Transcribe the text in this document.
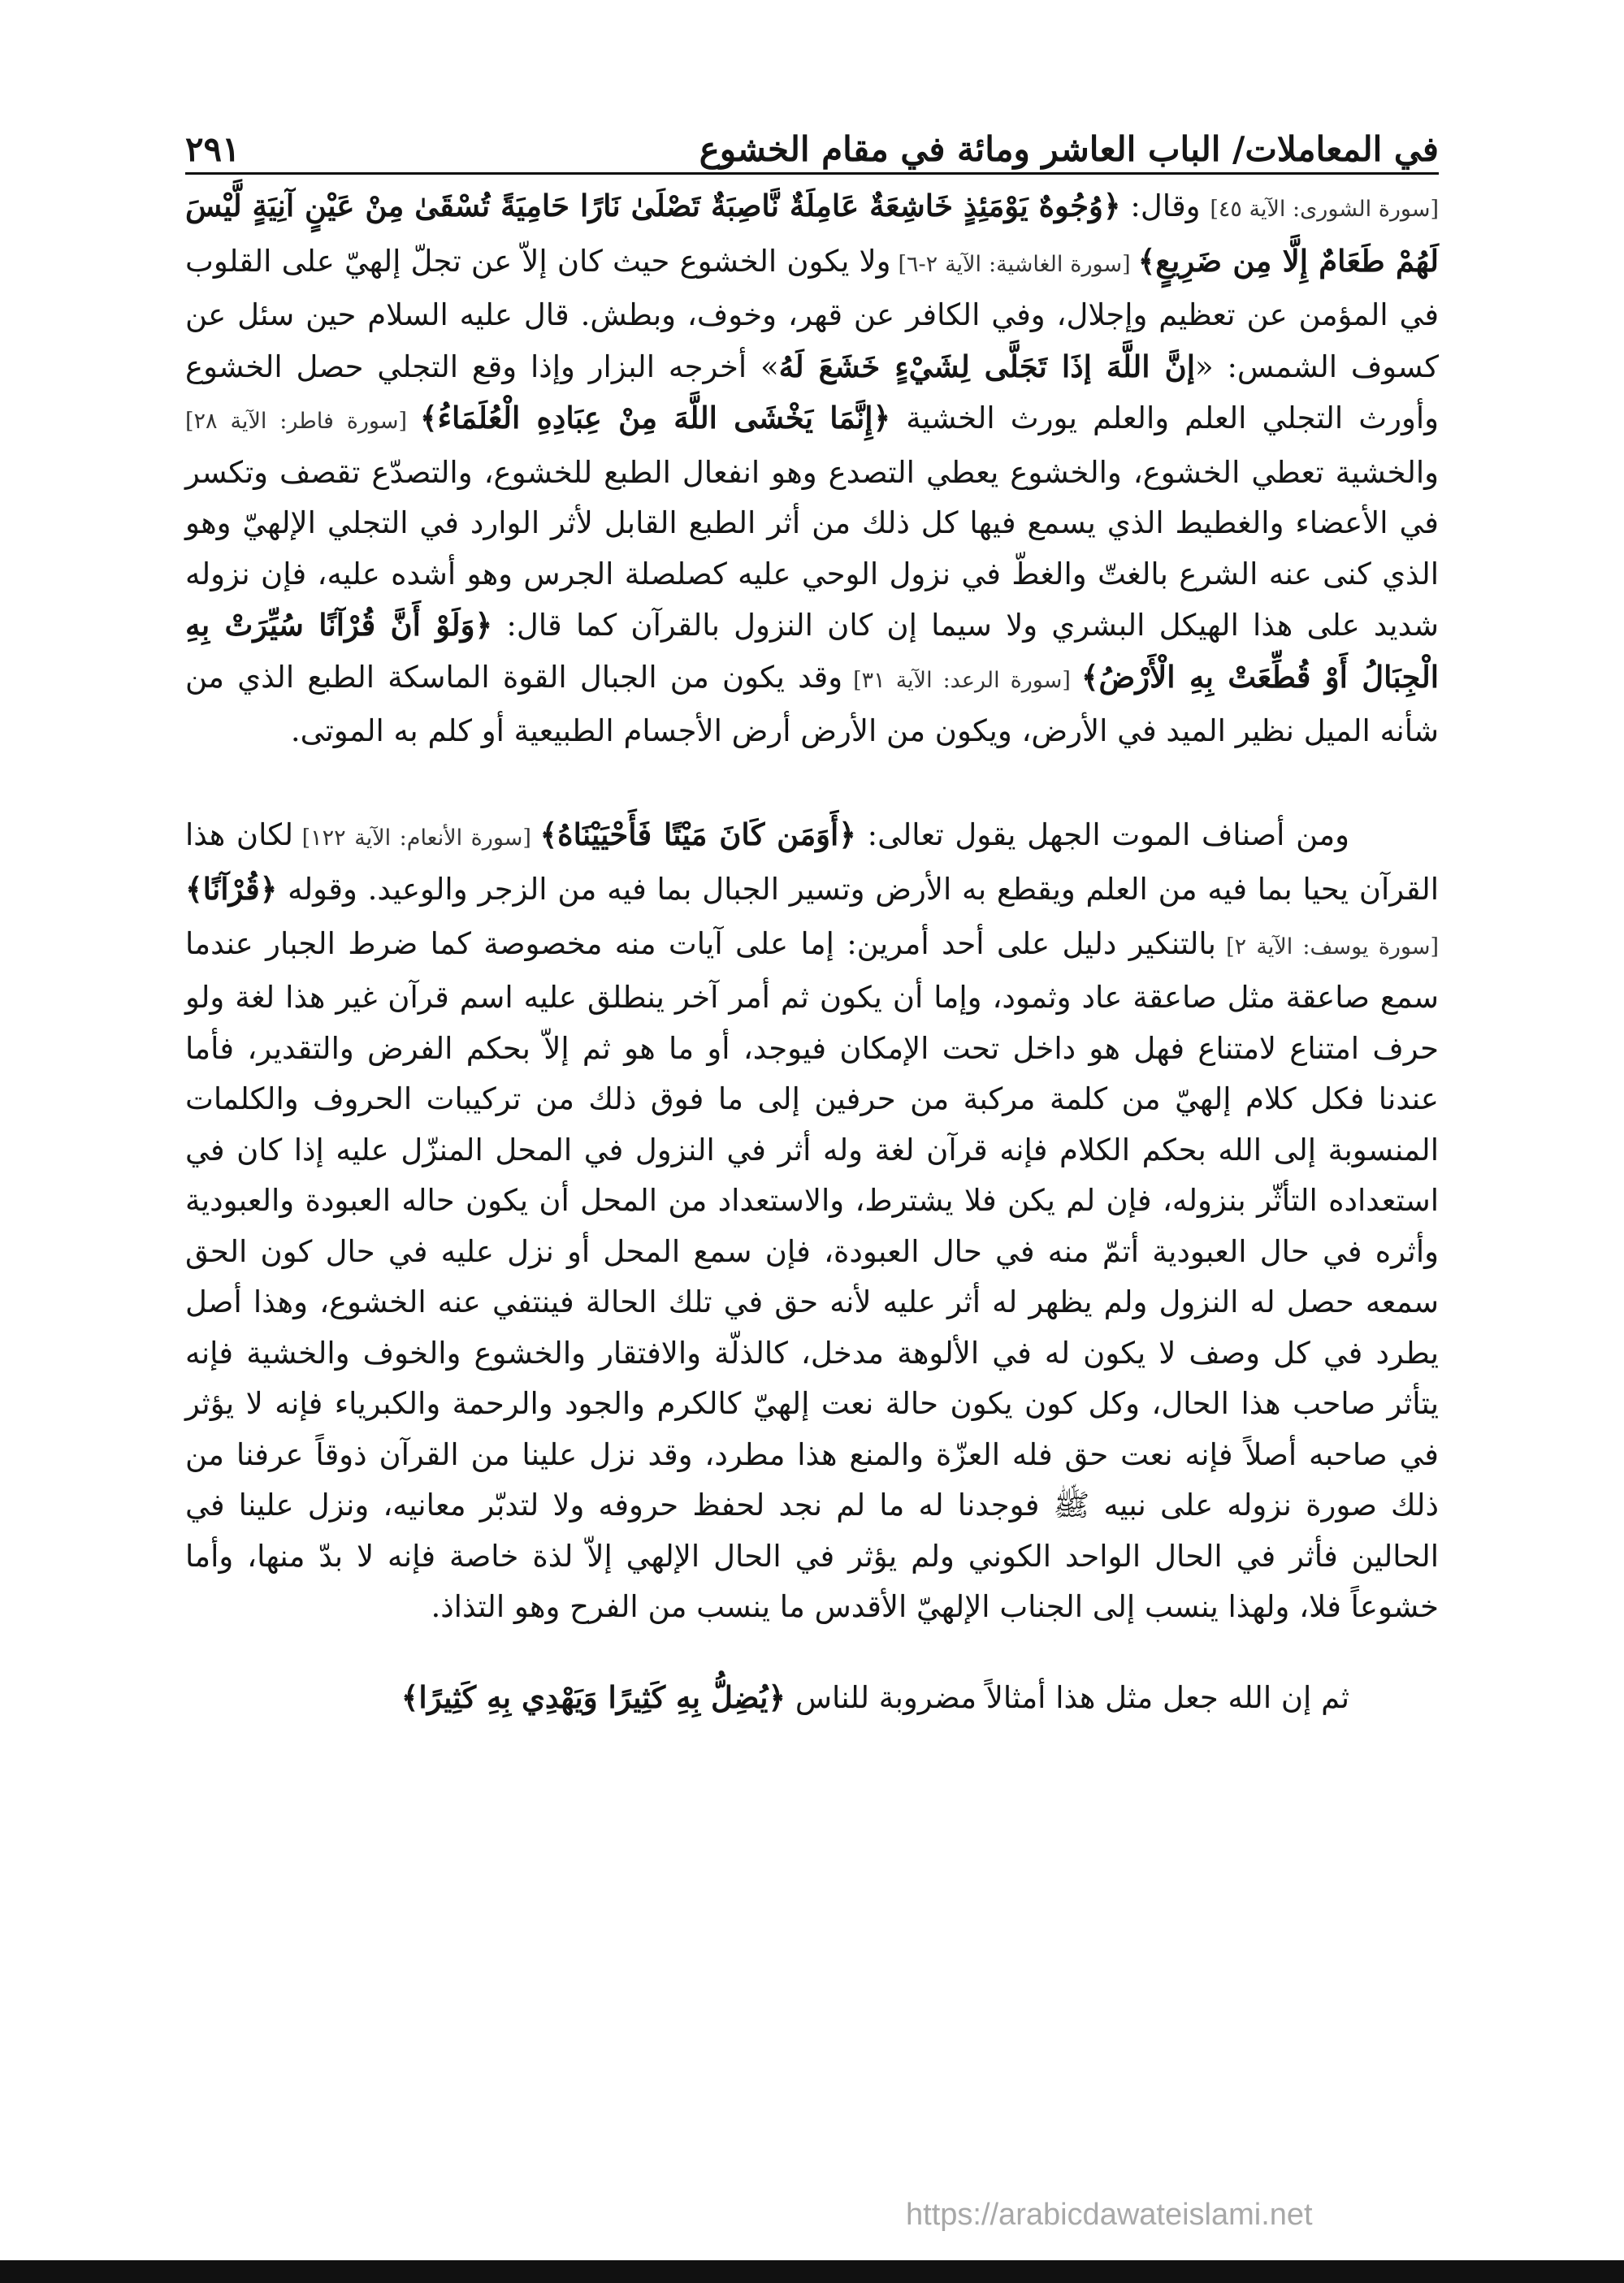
في المعاملات/ الباب العاشر ومائة في مقام الخشوع
٢٩١

[سورة الشورى: الآية ٤٥] وقال: ﴿وُجُوهٌ يَوْمَئِذٍ خَاشِعَةٌ عَامِلَةٌ نَّاصِبَةٌ تَصْلَىٰ نَارًا حَامِيَةً تُسْقَىٰ مِنْ عَيْنٍ آنِيَةٍ لَّيْسَ لَهُمْ طَعَامٌ إِلَّا مِن ضَرِيعٍ﴾ [سورة الغاشية: الآية ٢-٦] ولا يكون الخشوع حيث كان إلاّ عن تجلّ إلهيّ على القلوب في المؤمن عن تعظيم وإجلال، وفي الكافر عن قهر، وخوف، وبطش. قال عليه السلام حين سئل عن كسوف الشمس: «إنَّ اللَّهَ إذَا تَجَلَّى لِشَيْءٍ خَشَعَ لَهُ» أخرجه البزار وإذا وقع التجلي حصل الخشوع وأورث التجلي العلم والعلم يورث الخشية ﴿إِنَّمَا يَخْشَى اللَّهَ مِنْ عِبَادِهِ الْعُلَمَاءُ﴾ [سورة فاطر: الآية ٢٨] والخشية تعطي الخشوع، والخشوع يعطي التصدع وهو انفعال الطبع للخشوع، والتصدّع تقصف وتكسر في الأعضاء والغطيط الذي يسمع فيها كل ذلك من أثر الطبع القابل لأثر الوارد في التجلي الإلهيّ وهو الذي كنى عنه الشرع بالغتّ والغطّ في نزول الوحي عليه كصلصلة الجرس وهو أشده عليه، فإن نزوله شديد على هذا الهيكل البشري ولا سيما إن كان النزول بالقرآن كما قال: ﴿وَلَوْ أَنَّ قُرْآنًا سُيِّرَتْ بِهِ الْجِبَالُ أَوْ قُطِّعَتْ بِهِ الْأَرْضُ﴾ [سورة الرعد: الآية ٣١] وقد يكون من الجبال القوة الماسكة الطبع الذي من شأنه الميل نظير الميد في الأرض، ويكون من الأرض أرض الأجسام الطبيعية أو كلم به الموتى.

ومن أصناف الموت الجهل يقول تعالى: ﴿أَوَمَن كَانَ مَيْتًا فَأَحْيَيْنَاهُ﴾ [سورة الأنعام: الآية ١٢٢] لكان هذا القرآن يحيا بما فيه من العلم ويقطع به الأرض وتسير الجبال بما فيه من الزجر والوعيد. وقوله ﴿قُرْآنًا﴾ [سورة يوسف: الآية ٢] بالتنكير دليل على أحد أمرين: إما على آيات منه مخصوصة كما ضرط الجبار عندما سمع صاعقة مثل صاعقة عاد وثمود، وإما أن يكون ثم أمر آخر ينطلق عليه اسم قرآن غير هذا لغة ولو حرف امتناع لامتناع فهل هو داخل تحت الإمكان فيوجد، أو ما هو ثم إلاّ بحكم الفرض والتقدير، فأما عندنا فكل كلام إلهيّ من كلمة مركبة من حرفين إلى ما فوق ذلك من تركيبات الحروف والكلمات المنسوبة إلى الله بحكم الكلام فإنه قرآن لغة وله أثر في النزول في المحل المنزّل عليه إذا كان في استعداده التأثّر بنزوله، فإن لم يكن فلا يشترط، والاستعداد من المحل أن يكون حاله العبودة والعبودية وأثره في حال العبودية أتمّ منه في حال العبودة، فإن سمع المحل أو نزل عليه في حال كون الحق سمعه حصل له النزول ولم يظهر له أثر عليه لأنه حق في تلك الحالة فينتفي عنه الخشوع، وهذا أصل يطرد في كل وصف لا يكون له في الألوهة مدخل، كالذلّة والافتقار والخشوع والخوف والخشية فإنه يتأثر صاحب هذا الحال، وكل كون يكون حالة نعت إلهيّ كالكرم والجود والرحمة والكبرياء فإنه لا يؤثر في صاحبه أصلاً فإنه نعت حق فله العزّة والمنع هذا مطرد، وقد نزل علينا من القرآن ذوقاً عرفنا من ذلك صورة نزوله على نبيه ﷺ فوجدنا له ما لم نجد لحفظ حروفه ولا لتدبّر معانيه، ونزل علينا في الحالين فأثر في الحال الواحد الكوني ولم يؤثر في الحال الإلهي إلاّ لذة خاصة فإنه لا بدّ منها، وأما خشوعاً فلا، ولهذا ينسب إلى الجناب الإلهيّ الأقدس ما ينسب من الفرح وهو التذاذ.

ثم إن الله جعل مثل هذا أمثالاً مضروبة للناس ﴿يُضِلُّ بِهِ كَثِيرًا وَيَهْدِي بِهِ كَثِيرًا﴾

https://arabicdawateislami.net
